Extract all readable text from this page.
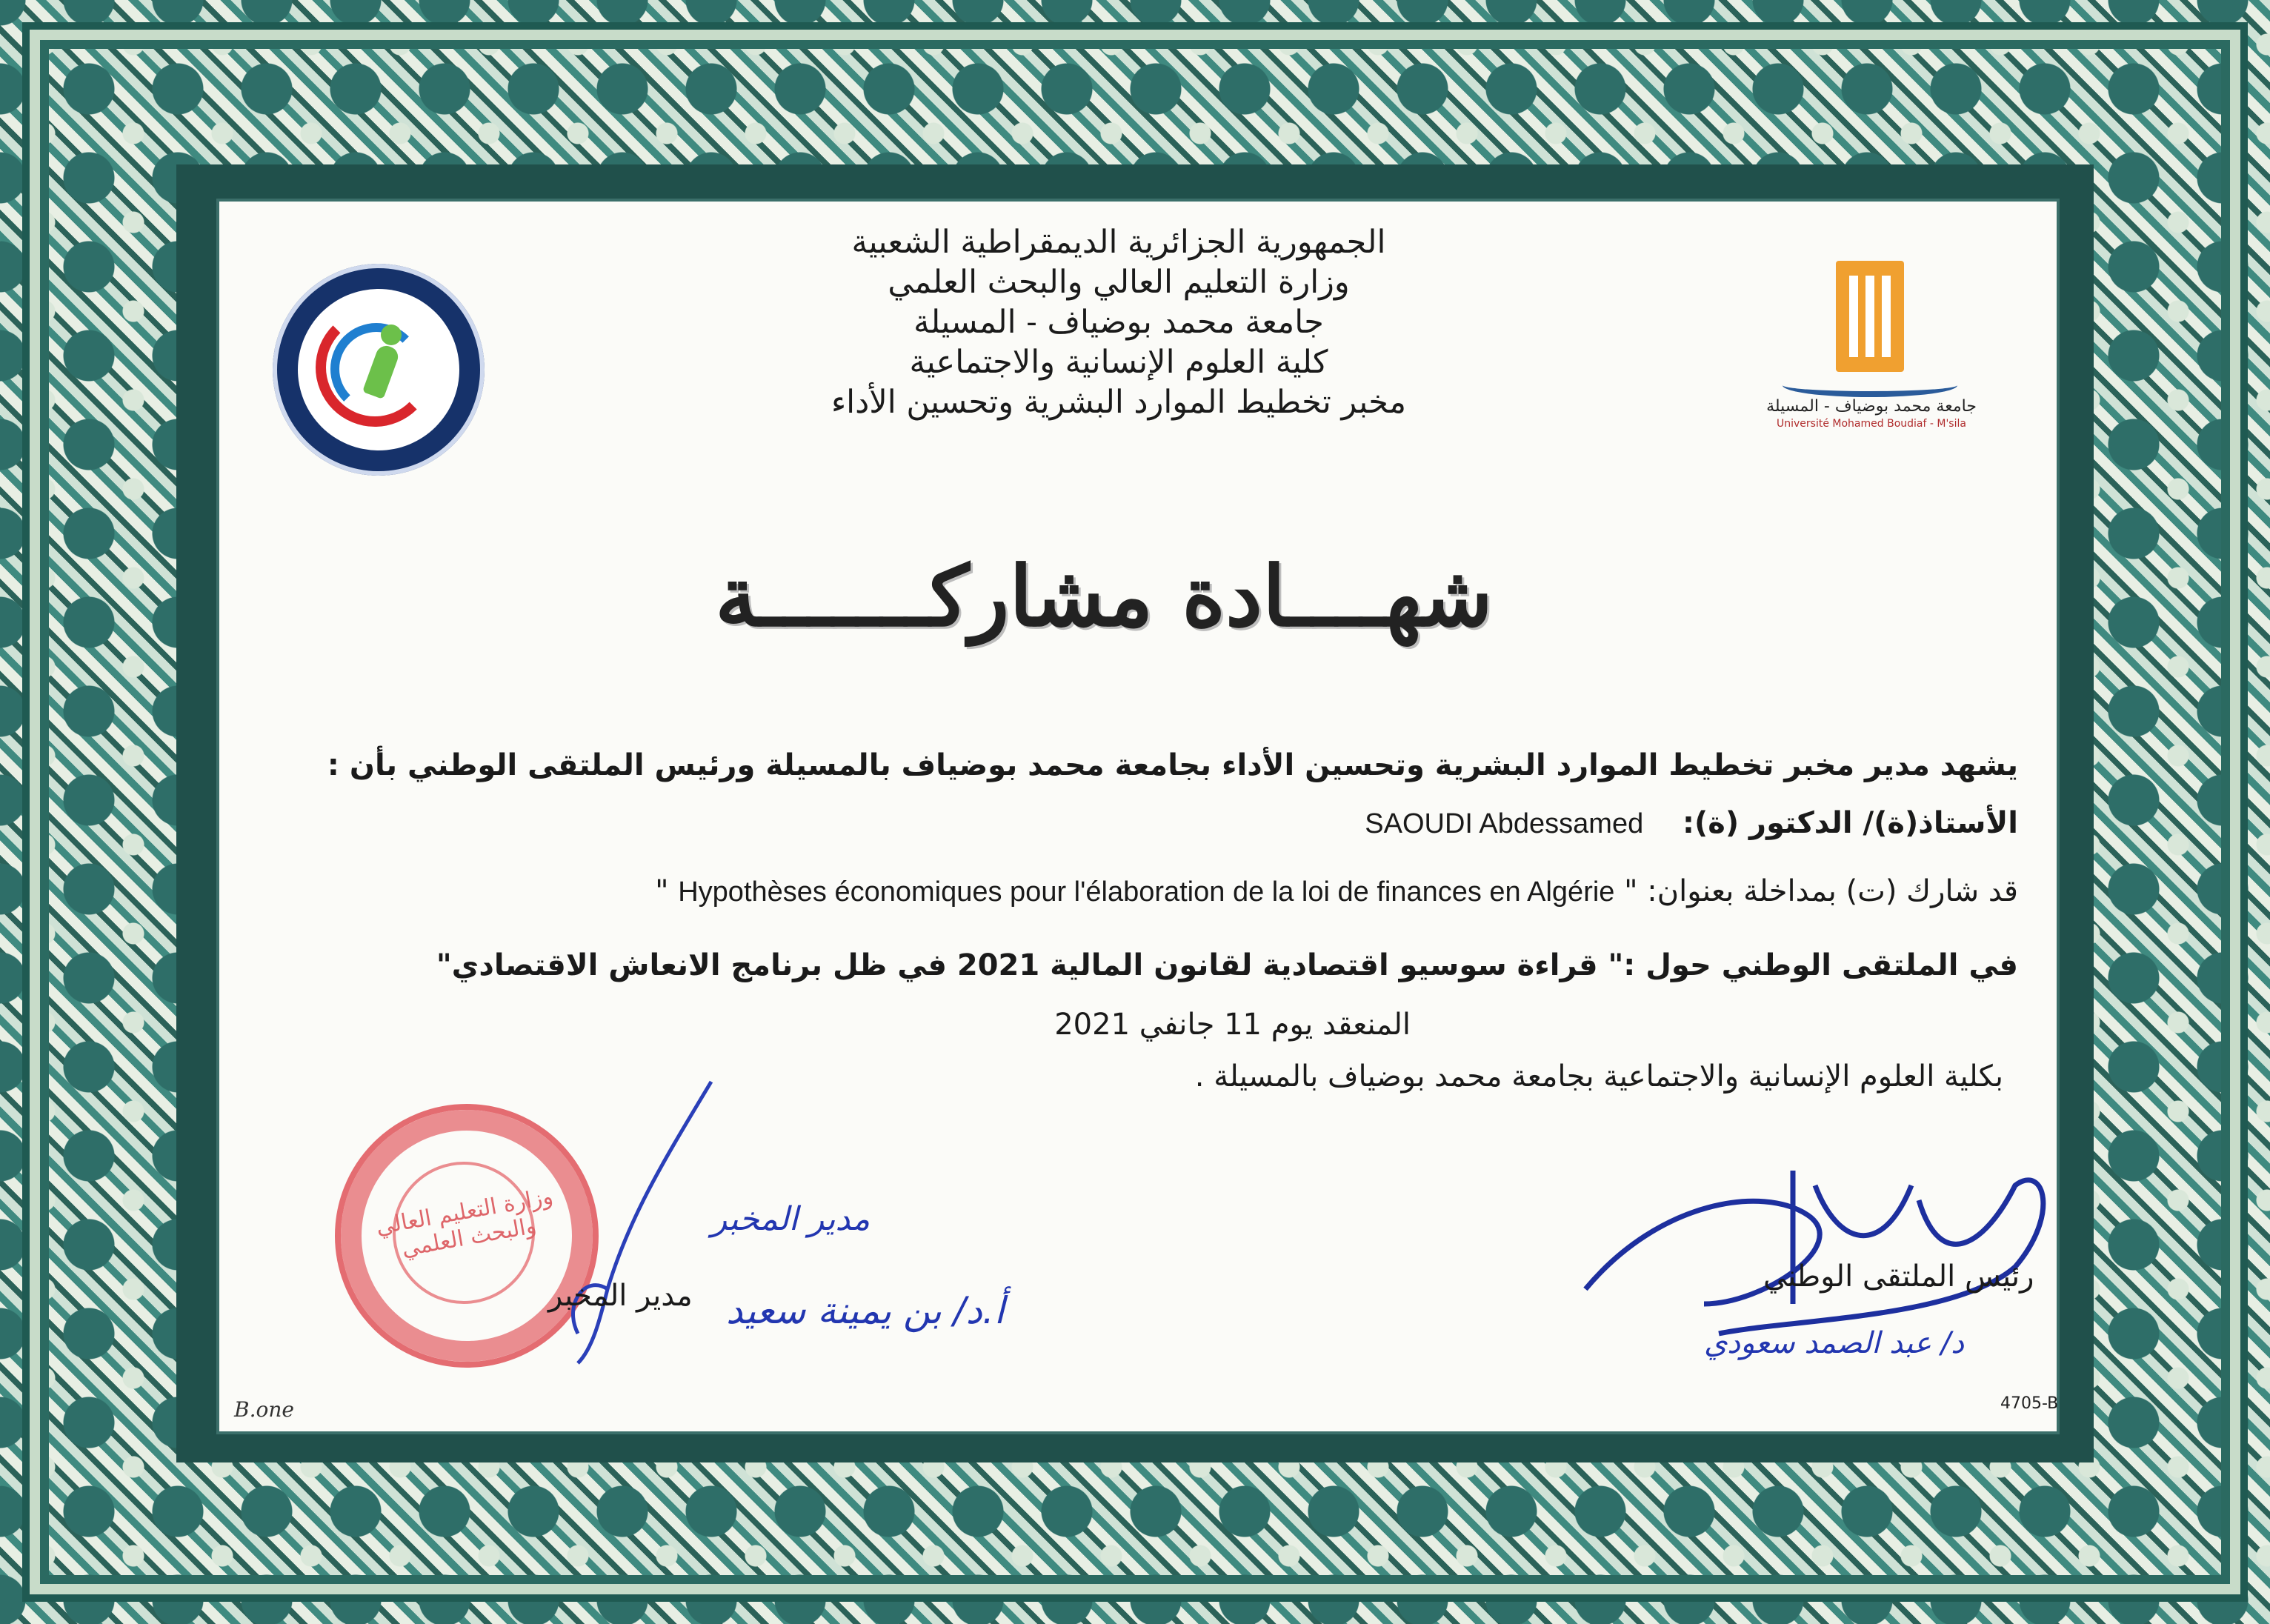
جامعة محمد بوضياف - المسيلة
Université Mohamed Boudiaf - M'sila
الجمهورية الجزائرية الديمقراطية الشعبية
وزارة التعليم العالي والبحث العلمي
جامعة محمد بوضياف - المسيلة
كلية العلوم الإنسانية والاجتماعية
مخبر تخطيط الموارد البشرية وتحسين الأداء
شهــــادة مشاركـــــــة
يشهد مدير مخبر تخطيط الموارد البشرية وتحسين الأداء بجامعة محمد بوضياف بالمسيلة ورئيس الملتقى الوطني بأن :
الأستاذ(ة)/ الدكتور (ة): SAOUDI Abdessamed
قد شارك (ت) بمداخلة بعنوان: " Hypothèses économiques pour l'élaboration de la loi de finances en Algérie "
في الملتقى الوطني حول :" قراءة سوسيو اقتصادية لقانون المالية 2021 في ظل برنامج الانعاش الاقتصادي"
المنعقد يوم 11 جانفي 2021
بكلية العلوم الإنسانية والاجتماعية بجامعة محمد بوضياف بالمسيلة .
وزارة التعليم العالي والبحث العلمي
مدير المخبر
مدير المخبر
أ.د/ بن يمينة سعيد
رئيس الملتقى الوطني
د/ عبد الصمد سعودي
B.one	4705-B
